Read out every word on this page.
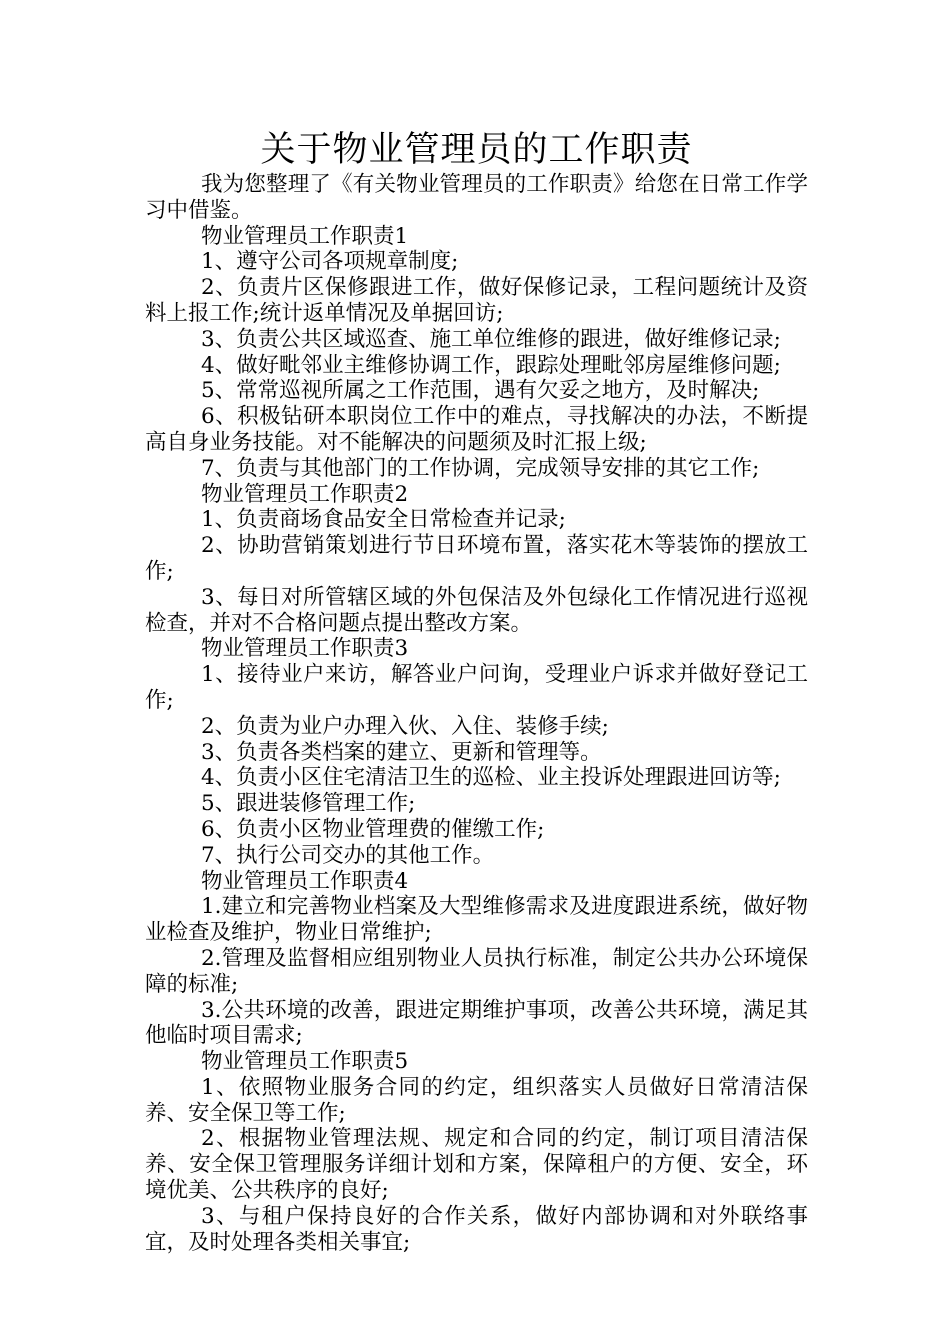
关于物业管理员的工作职责

我为您整理了《有关物业管理员的工作职责》给您在日常工作学习中借鉴。

物业管理员工作职责1

1、遵守公司各项规章制度;

2、负责片区保修跟进工作，做好保修记录，工程问题统计及资料上报工作;统计返单情况及单据回访;

3、负责公共区域巡查、施工单位维修的跟进，做好维修记录;

4、做好毗邻业主维修协调工作，跟踪处理毗邻房屋维修问题;

5、常常巡视所属之工作范围，遇有欠妥之地方，及时解决;

6、积极钻研本职岗位工作中的难点，寻找解决的办法，不断提高自身业务技能。对不能解决的问题须及时汇报上级;

7、负责与其他部门的工作协调，完成领导安排的其它工作;

物业管理员工作职责2

1、负责商场食品安全日常检查并记录;

2、协助营销策划进行节日环境布置，落实花木等装饰的摆放工作;

3、每日对所管辖区域的外包保洁及外包绿化工作情况进行巡视检查，并对不合格问题点提出整改方案。

物业管理员工作职责3

1、接待业户来访，解答业户问询，受理业户诉求并做好登记工作;

2、负责为业户办理入伙、入住、装修手续;

3、负责各类档案的建立、更新和管理等。

4、负责小区住宅清洁卫生的巡检、业主投诉处理跟进回访等;

5、跟进装修管理工作;

6、负责小区物业管理费的催缴工作;

7、执行公司交办的其他工作。

物业管理员工作职责4

1.建立和完善物业档案及大型维修需求及进度跟进系统，做好物业检查及维护，物业日常维护;

2.管理及监督相应组别物业人员执行标准，制定公共办公环境保障的标准;

3.公共环境的改善，跟进定期维护事项，改善公共环境，满足其他临时项目需求;

物业管理员工作职责5

1、依照物业服务合同的约定，组织落实人员做好日常清洁保养、安全保卫等工作;

2、根据物业管理法规、规定和合同的约定，制订项目清洁保养、安全保卫管理服务详细计划和方案，保障租户的方便、安全，环境优美、公共秩序的良好;

3、与租户保持良好的合作关系，做好内部协调和对外联络事宜，及时处理各类相关事宜;
